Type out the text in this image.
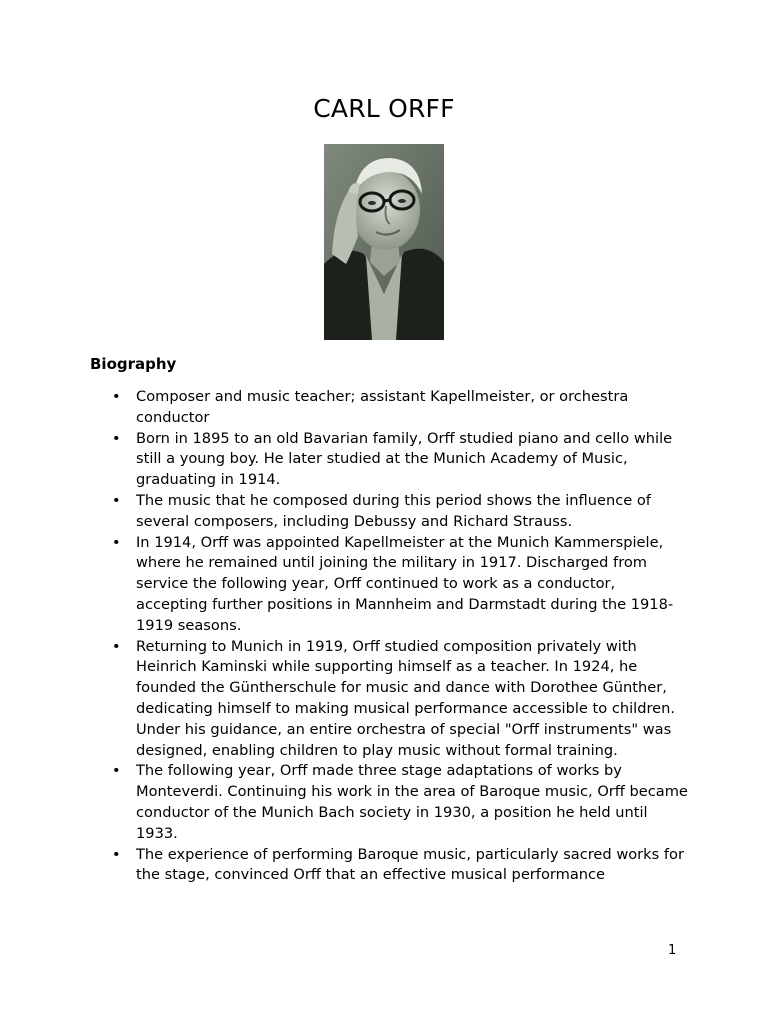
CARL ORFF
Biography
• Composer and music teacher; assistant Kapellmeister, or orchestra conductor
• Born in 1895 to an old Bavarian family, Orff studied piano and cello while still a young boy. He later studied at the Munich Academy of Music, graduating in 1914.
• The music that he composed during this period shows the influence of several composers, including Debussy and Richard Strauss.
• In 1914, Orff was appointed Kapellmeister at the Munich Kammerspiele, where he remained until joining the military in 1917. Discharged from service the following year, Orff continued to work as a conductor, accepting further positions in Mannheim and Darmstadt during the 1918-1919 seasons.
• Returning to Munich in 1919, Orff studied composition privately with Heinrich Kaminski while supporting himself as a teacher. In 1924, he founded the Güntherschule for music and dance with Dorothee Günther, dedicating himself to making musical performance accessible to children. Under his guidance, an entire orchestra of special "Orff instruments" was designed, enabling children to play music without formal training.
• The following year, Orff made three stage adaptations of works by Monteverdi. Continuing his work in the area of Baroque music, Orff became conductor of the Munich Bach society in 1930, a position he held until 1933.
• The experience of performing Baroque music, particularly sacred works for the stage, convinced Orff that an effective musical performance
1
